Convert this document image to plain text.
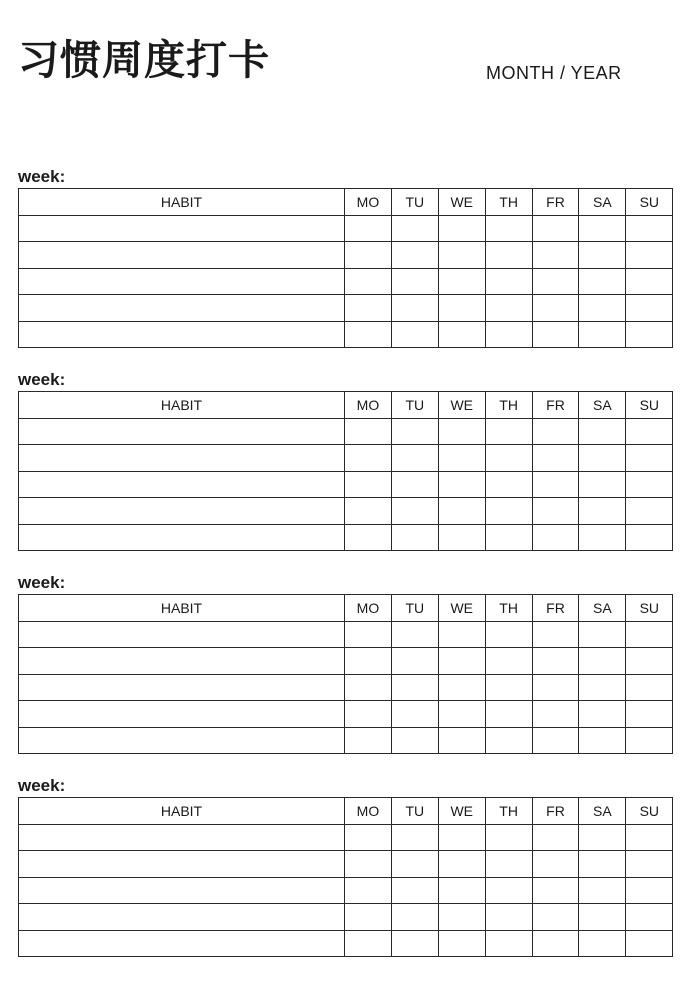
习惯周度打卡	MONTH / YEAR
week:
HABIT	MO	TU	WE	TH	FR	SA	SU

week:
HABIT	MO	TU	WE	TH	FR	SA	SU

week:
HABIT	MO	TU	WE	TH	FR	SA	SU

week:
HABIT	MO	TU	WE	TH	FR	SA	SU
